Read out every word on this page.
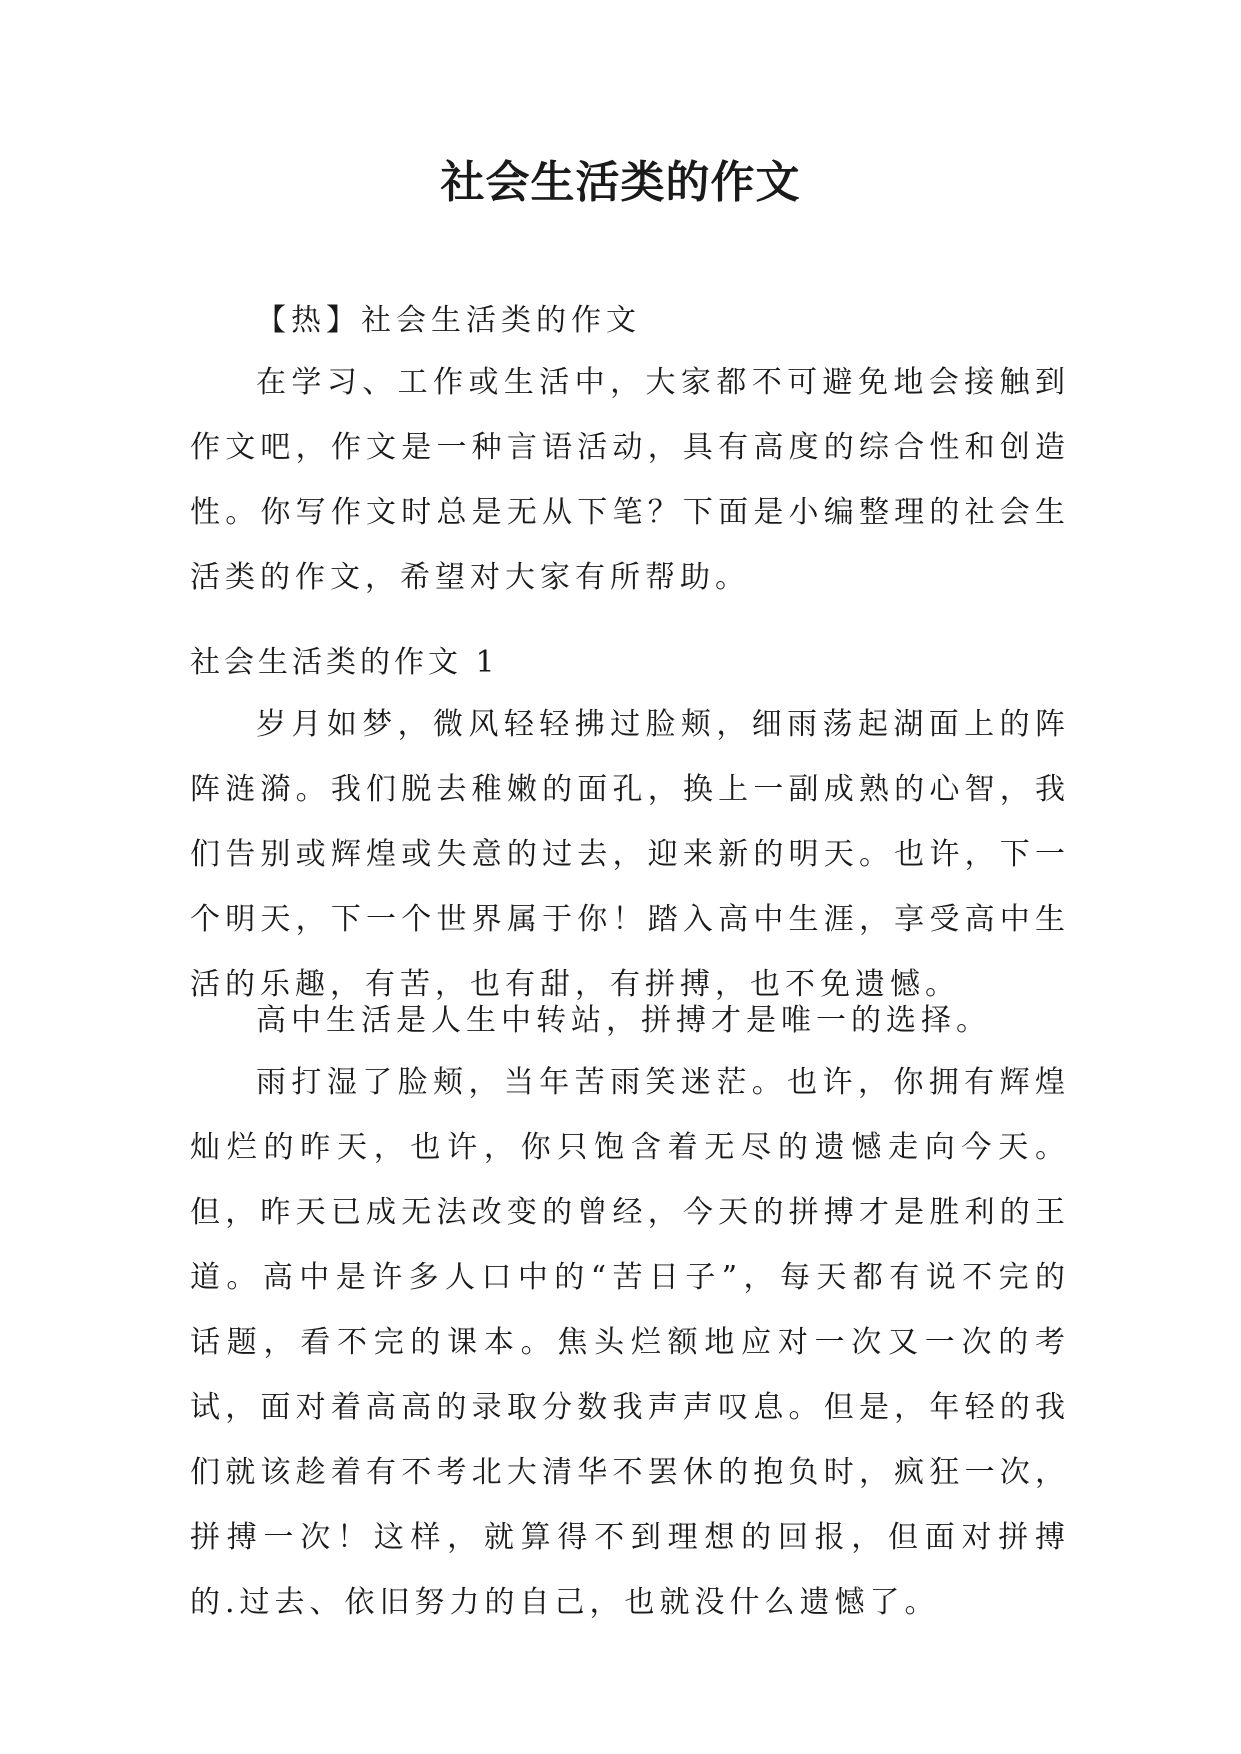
社会生活类的作文

【热】社会生活类的作文

在学习、工作或生活中，大家都不可避免地会接触到作文吧，作文是一种言语活动，具有高度的综合性和创造性。你写作文时总是无从下笔？下面是小编整理的社会生活类的作文，希望对大家有所帮助。

社会生活类的作文 1

岁月如梦，微风轻轻拂过脸颊，细雨荡起湖面上的阵阵涟漪。我们脱去稚嫩的面孔，换上一副成熟的心智，我们告别或辉煌或失意的过去，迎来新的明天。也许，下一个明天，下一个世界属于你！踏入高中生涯，享受高中生活的乐趣，有苦，也有甜，有拼搏，也不免遗憾。

高中生活是人生中转站，拼搏才是唯一的选择。

雨打湿了脸颊，当年苦雨笑迷茫。也许，你拥有辉煌灿烂的昨天，也许，你只饱含着无尽的遗憾走向今天。但，昨天已成无法改变的曾经，今天的拼搏才是胜利的王道。高中是许多人口中的“苦日子”，每天都有说不完的话题，看不完的课本。焦头烂额地应对一次又一次的考试，面对着高高的录取分数我声声叹息。但是，年轻的我们就该趁着有不考北大清华不罢休的抱负时，疯狂一次，拼搏一次！这样，就算得不到理想的回报，但面对拼搏的.过去、依旧努力的自己，也就没什么遗憾了。
